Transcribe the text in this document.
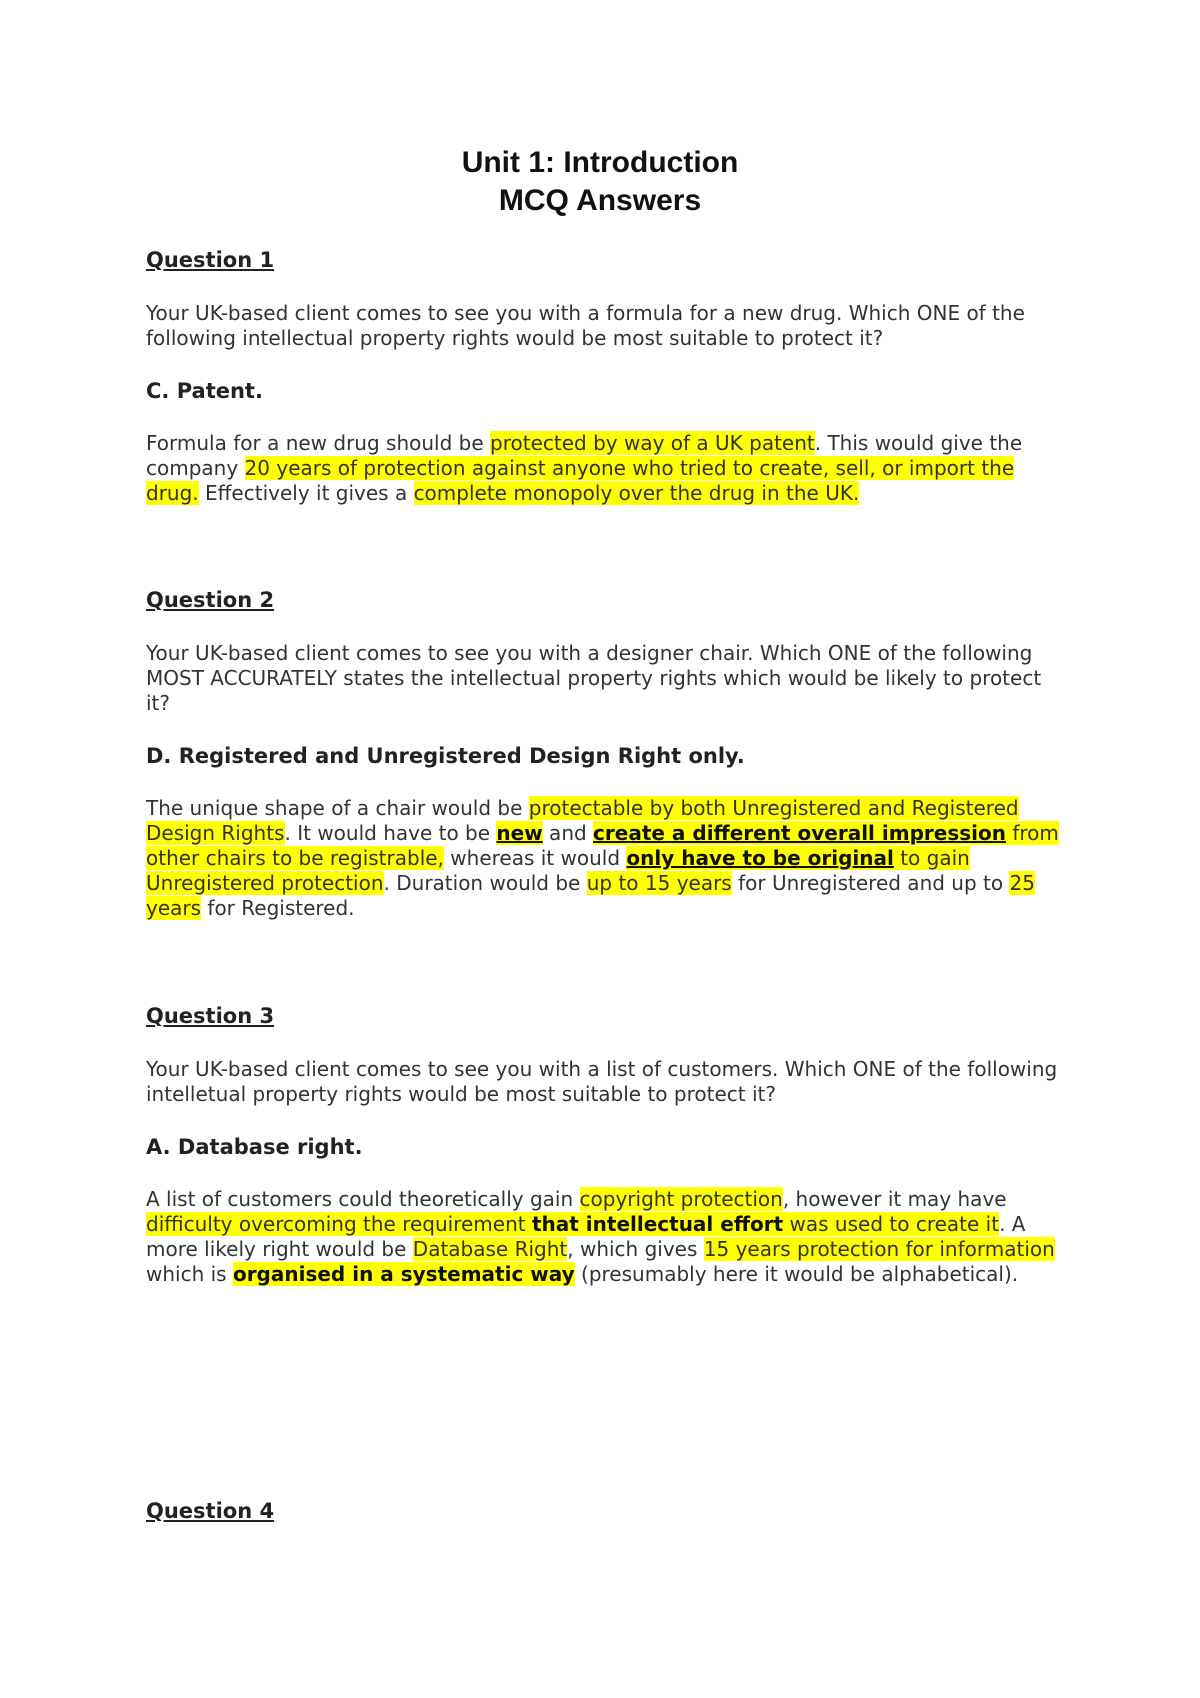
Unit 1: Introduction
MCQ Answers

Question 1

Your UK-based client comes to see you with a formula for a new drug. Which ONE of the following intellectual property rights would be most suitable to protect it?

C. Patent.

Formula for a new drug should be protected by way of a UK patent. This would give the company 20 years of protection against anyone who tried to create, sell, or import the drug. Effectively it gives a complete monopoly over the drug in the UK.

Question 2

Your UK-based client comes to see you with a designer chair. Which ONE of the following MOST ACCURATELY states the intellectual property rights which would be likely to protect it?

D. Registered and Unregistered Design Right only.

The unique shape of a chair would be protectable by both Unregistered and Registered Design Rights. It would have to be new and create a different overall impression from other chairs to be registrable, whereas it would only have to be original to gain Unregistered protection. Duration would be up to 15 years for Unregistered and up to 25 years for Registered.

Question 3

Your UK-based client comes to see you with a list of customers. Which ONE of the following intelletual property rights would be most suitable to protect it?

A. Database right.

A list of customers could theoretically gain copyright protection, however it may have difficulty overcoming the requirement that intellectual effort was used to create it. A more likely right would be Database Right, which gives 15 years protection for information which is organised in a systematic way (presumably here it would be alphabetical).

Question 4
